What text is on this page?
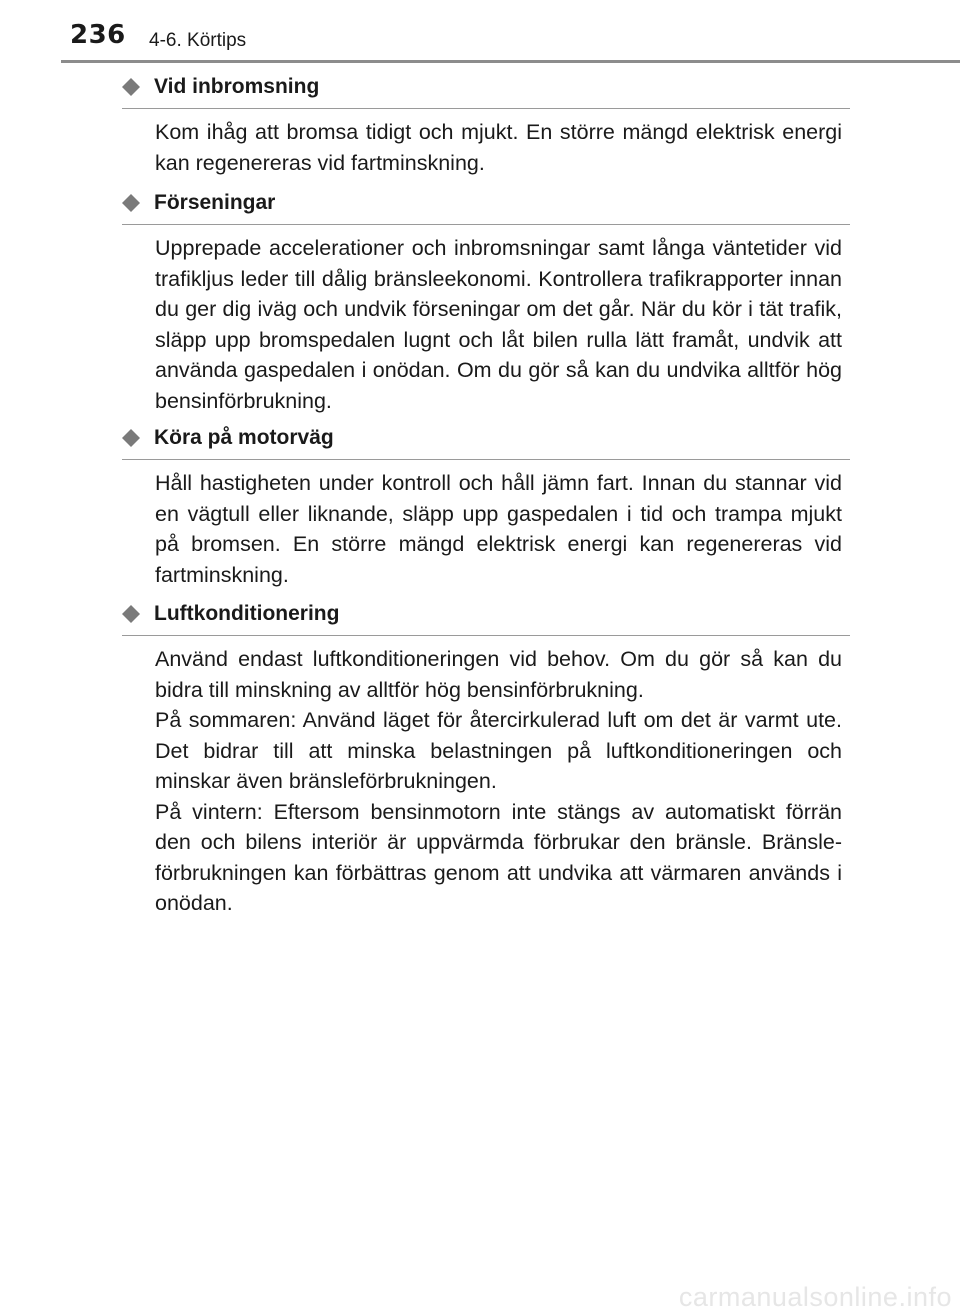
236 4-6. Körtips
Vid inbromsning

Kom ihåg att bromsa tidigt och mjukt. En större mängd elektrisk energi kan regenereras vid fartminskning.

Förseningar

Upprepade accelerationer och inbromsningar samt långa väntetider vid trafikljus leder till dålig bränsleekonomi. Kontrollera trafikrapporter innan du ger dig iväg och undvik förseningar om det går. När du kör i tät trafik, släpp upp bromspedalen lugnt och låt bilen rulla lätt framåt, undvik att använda gaspedalen i onödan. Om du gör så kan du undvika alltför hög bensinförbrukning.

Köra på motorväg

Håll hastigheten under kontroll och håll jämn fart. Innan du stannar vid en vägtull eller liknande, släpp upp gaspedalen i tid och trampa mjukt på bromsen. En större mängd elektrisk energi kan regenereras vid fartminskning.

Luftkonditionering

Använd endast luftkonditioneringen vid behov. Om du gör så kan du bidra till minskning av alltför hög bensinförbrukning.

På sommaren: Använd läget för återcirkulerad luft om det är varmt ute. Det bidrar till att minska belastningen på luftkonditioneringen och minskar även bränsleförbrukningen.

På vintern: Eftersom bensinmotorn inte stängs av automatiskt förrän den och bilens interiör är uppvärmda förbrukar den bränsle. Bränsleförbrukningen kan förbättras genom att undvika att värmaren används i onödan.

carmanualsonline.info
